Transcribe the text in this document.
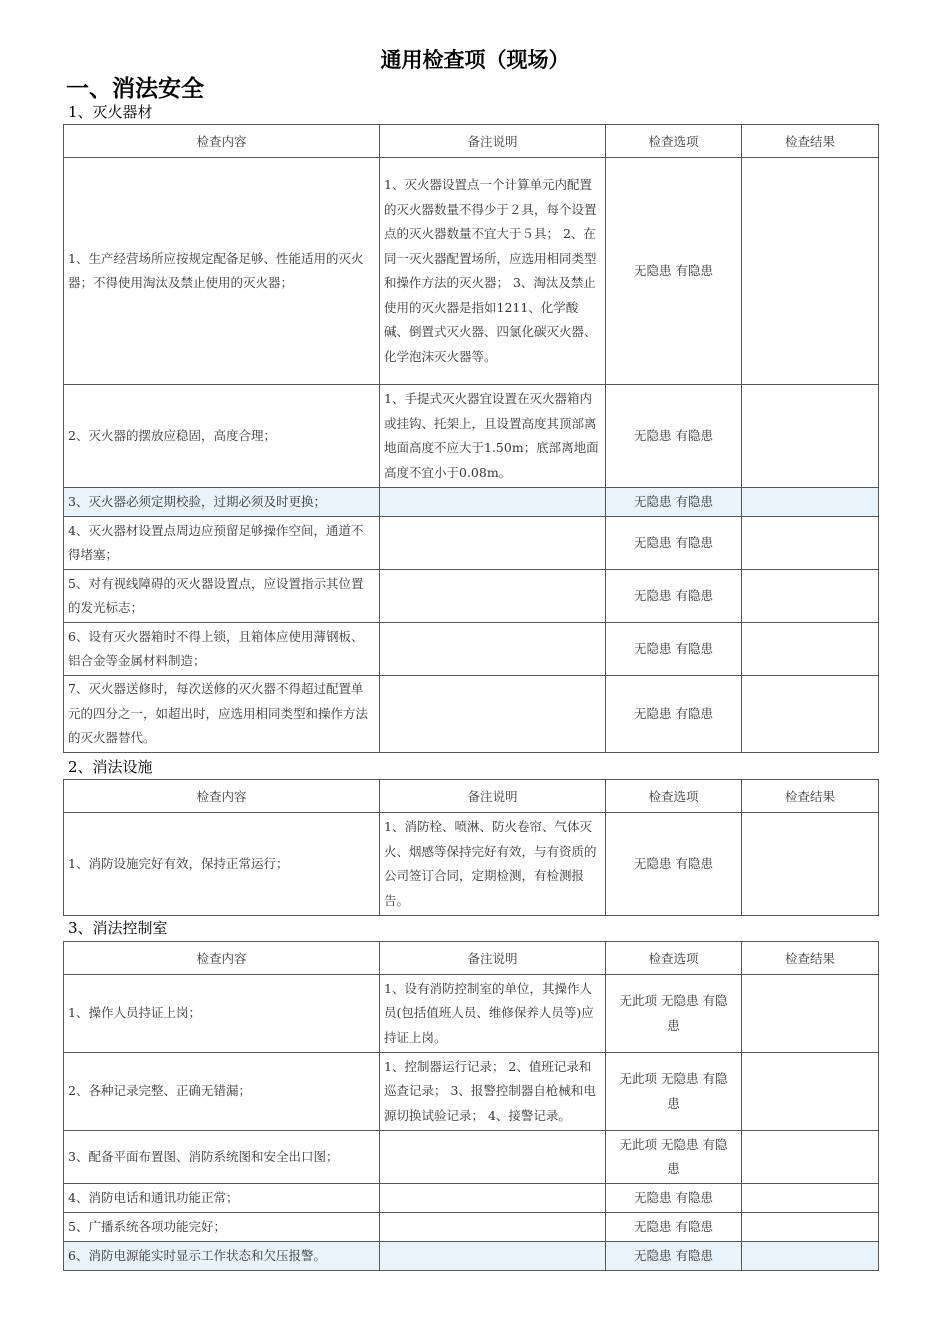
通用检查项（现场）
一、消法安全
1、灭火器材
检查内容	备注说明	检查选项	检查结果

1、生产经营场所应按规定配备足够、性能适用的灭火器；不得使用淘汰及禁止使用的灭火器；	1、灭火器设置点一个计算单元内配置的灭火器数量不得少于２具，每个设置点的灭火器数量不宜大于５具； 2、在同一灭火器配置场所，应选用相同类型和操作方法的灭火器； 3、淘汰及禁止使用的灭火器是指如1211、化学酸碱、倒置式灭火器、四氯化碳灭火器、化学泡沫灭火器等。	无隐患 有隐患	

2、灭火器的摆放应稳固，高度合理；	1、手提式灭火器宜设置在灭火器箱内或挂钩、托架上，且设置高度其顶部离地面高度不应大于1.50m；底部离地面高度不宜小于0.08m。	无隐患 有隐患	

3、灭火器必须定期校验，过期必须及时更换；		无隐患 有隐患	

4、灭火器材设置点周边应预留足够操作空间，通道不得堵塞；		无隐患 有隐患	

5、对有视线障碍的灭火器设置点，应设置指示其位置的发光标志；		无隐患 有隐患	

6、设有灭火器箱时不得上锁，且箱体应使用薄钢板、铝合金等金属材料制造；		无隐患 有隐患	

7、灭火器送修时，每次送修的灭火器不得超过配置单元的四分之一，如超出时，应选用相同类型和操作方法的灭火器替代。		无隐患 有隐患	

2、消法设施
检查内容	备注说明	检查选项	检查结果

1、消防设施完好有效，保持正常运行；	1、消防栓、喷淋、防火卷帘、气体灭火、烟感等保持完好有效，与有资质的公司签订合同，定期检测，有检测报告。	无隐患 有隐患	

3、消法控制室
检查内容	备注说明	检查选项	检查结果

1、操作人员持证上岗；	1、设有消防控制室的单位，其操作人员(包括值班人员、维修保养人员等)应持证上岗。	无此项 无隐患 有隐患	

2、各种记录完整、正确无错漏；	1、控制器运行记录； 2、值班记录和巡查记录； 3、报警控制器自枪械和电源切换试验记录； 4、接警记录。	无此项 无隐患 有隐患	

3、配备平面布置图、消防系统图和安全出口图；		无此项 无隐患 有隐患	

4、消防电话和通讯功能正常；		无隐患 有隐患	

5、广播系统各项功能完好；		无隐患 有隐患	

6、消防电源能实时显示工作状态和欠压报警。		无隐患 有隐患	
